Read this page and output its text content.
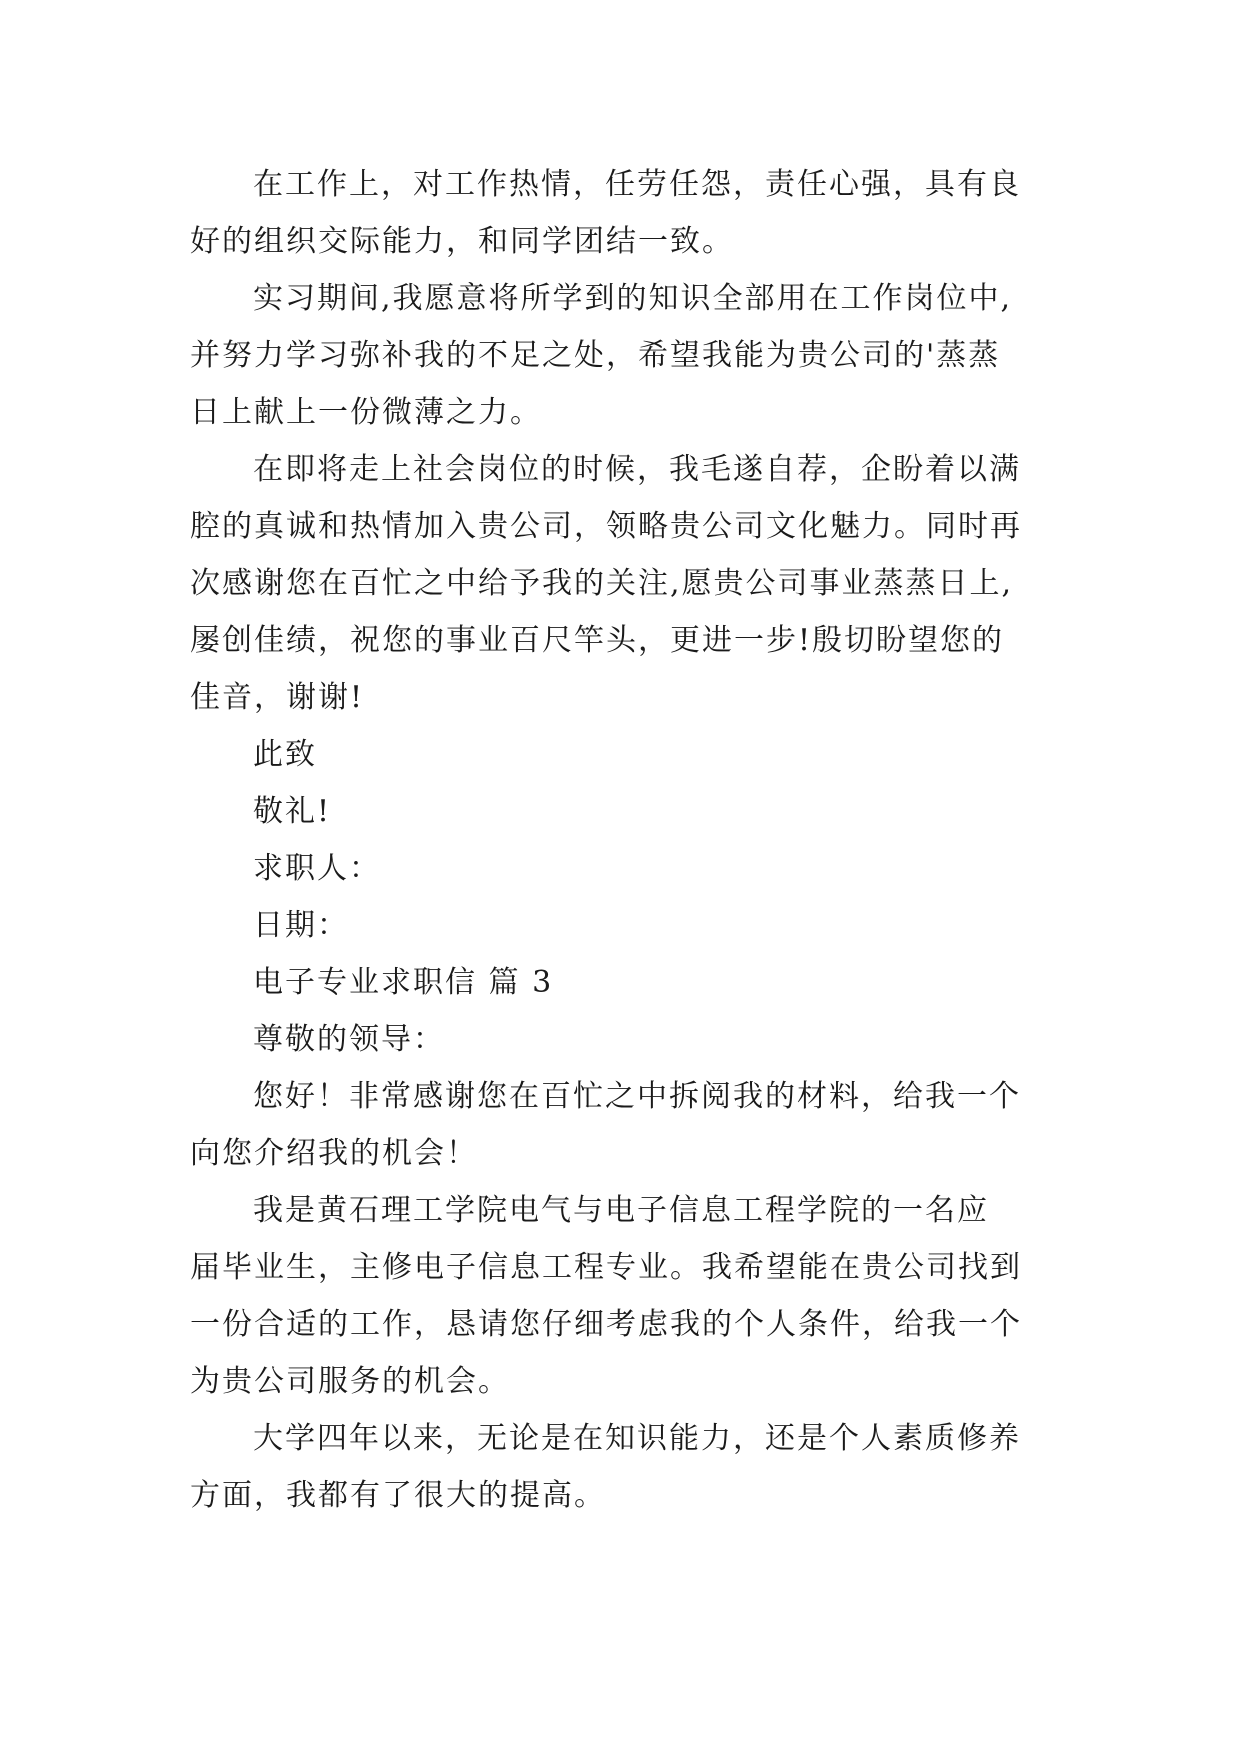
在工作上，对工作热情，任劳任怨，责任心强，具有良
好的组织交际能力，和同学团结一致。
实习期间,我愿意将所学到的知识全部用在工作岗位中,
并努力学习弥补我的不足之处，希望我能为贵公司的'蒸蒸
日上献上一份微薄之力。
在即将走上社会岗位的时候，我毛遂自荐，企盼着以满
腔的真诚和热情加入贵公司，领略贵公司文化魅力。同时再
次感谢您在百忙之中给予我的关注,愿贵公司事业蒸蒸日上,
屡创佳绩，祝您的事业百尺竿头，更进一步!殷切盼望您的
佳音，谢谢!
此致
敬礼!
求职人：
日期：
电子专业求职信 篇 3
尊敬的领导：
您好！非常感谢您在百忙之中拆阅我的材料，给我一个
向您介绍我的机会！
我是黄石理工学院电气与电子信息工程学院的一名应
届毕业生，主修电子信息工程专业。我希望能在贵公司找到
一份合适的工作，恳请您仔细考虑我的个人条件，给我一个
为贵公司服务的机会。
大学四年以来，无论是在知识能力，还是个人素质修养
方面，我都有了很大的提高。
